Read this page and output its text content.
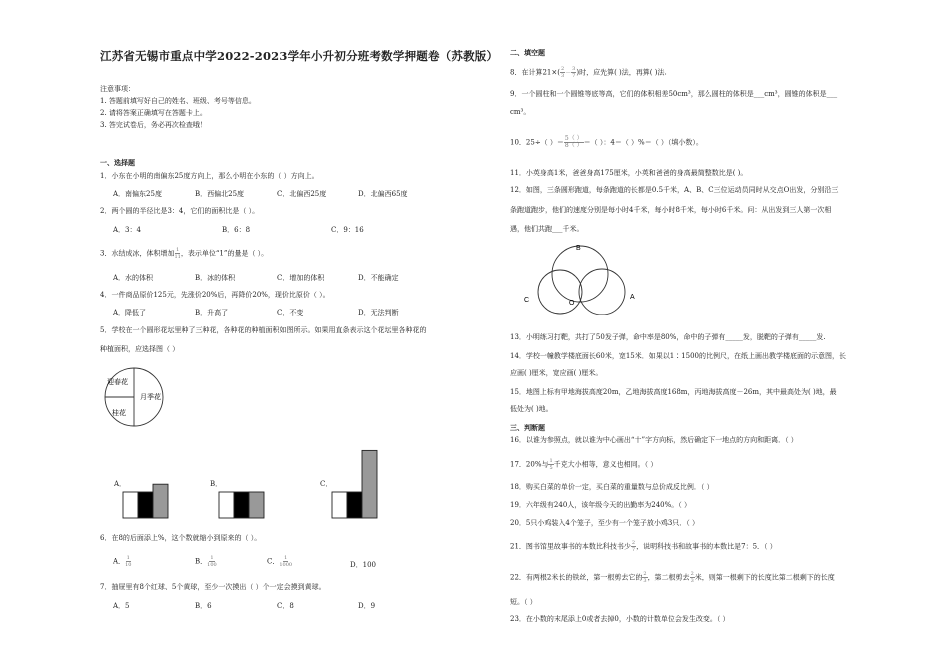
江苏省无锡市重点中学2022-2023学年小升初分班考数学押题卷（苏教版）
注意事项：
1. 答题前填写好自己的姓名、班级、考号等信息。
2. 请将答案正确填写在答题卡上。
3. 答完试卷后，务必再次检查哦！
一、选择题
1．小东在小明的南偏东25度方向上，那么小明在小东的（ ）方向上。
A．南偏东25度	B．西偏北25度	C．北偏西25度	D．北偏西65度
2．两个圆的半径比是3：4，它们的面积比是（ ）。
A．3：4	B．6：8	C．9：16
3．水结成冰，体积增加 $\frac{1}{11}$ ，表示单位“1”的量是（ ）。
A．水的体积	B．冰的体积	C．增加的体积	D．不能确定
4．一件商品原价125元，先涨价20%后，再降价20%，现价比原价（ ）。
A．降低了	B．升高了	C．不变	D．无法判断
5．学校在一个圆形花坛里种了三种花，各种花的种植面积如图所示。如果用直条表示这个花坛里各种花的
种植面积，应选择图（ ）
迎春花
月季花
桂花
A．	B．	C．
6．在8的后面添上%，这个数就缩小到原来的（ ）。
A． $\frac{1}{10}$	B． $\frac{1}{100}$	C． $\frac{1}{1000}$	D．100
7．抽屉里有8个红球、5个黄球，至少一次摸出（ ）个一定会摸到黄球。
A．5	B．6	C．8	D．9
二、填空题
8．在计算$21\times( \frac{2}{3} - \frac{3}{7}$ )时，应先算( )法，再算( )法.
9．一个圆柱和一个圆锥等底等高，它们的体积相差50cm³，那么圆柱的体积是___cm³，圆锥的体积是___
cm³。
10．25÷（ ）＝ $\frac{5( )}{8( )}$ ＝（ ）：4＝（ ）%＝（ ）（填小数）。
11．小英身高1米，爸爸身高175厘米，小英和爸爸的身高最简整数比是( )。
12．如图，三条圆形跑道，每条跑道的长都是0.5千米，A、B、C三位运动员同时从交点O出发，分别沿三
条跑道跑步，他们的速度分别是每小时4千米，每小时8千米，每小时6千米。问：从出发到三人第一次相
遇，他们共跑___千米。
B
C	O
A
13．小明练习打靶，共打了50发子弹，命中率是80%，命中的子弹有_____发，脱靶的子弹有_____发.
14．学校一幢教学楼底面长60米，宽15米．如果以1∶1500的比例尺，在纸上画出教学楼底面的示意图，长
应画( )厘米，宽应画( )厘米。
15．地图上标有甲地海拔高度20m，乙地海拔高度168m，丙地海拔高度－26m，其中最高处为( )地，最
低处为( )地。
三、判断题
16．以谁为参照点，就以谁为中心画出“十”字方向标，然后确定下一地点的方向和距离．（ ）
17．20%与 $\frac{1}{5}$ 千克大小相等，意义也相同。（ ）
18．购买白菜的单价一定，买白菜的重量数与总价成反比例．（ ）
19．六年级有240人，该年级今天的出勤率为240%。（ ）
20．5只小鸡装入4个笼子，至少有一个笼子放小鸡3只．（ ）
21．图书馆里故事书的本数比科技书少 $\frac{2}{7}$ ，说明科技书和故事书的本数比是7：5．（ ）
22．有两根2米长的铁丝，第一根剪去它的 $\frac{2}{3}$ ，第二根剪去 $\frac{2}{3}$ 米，则第一根剩下的长度比第二根剩下的长度
短。（ ）
23．在小数的末尾添上0或者去掉0，小数的计数单位会发生改变。（ ）
